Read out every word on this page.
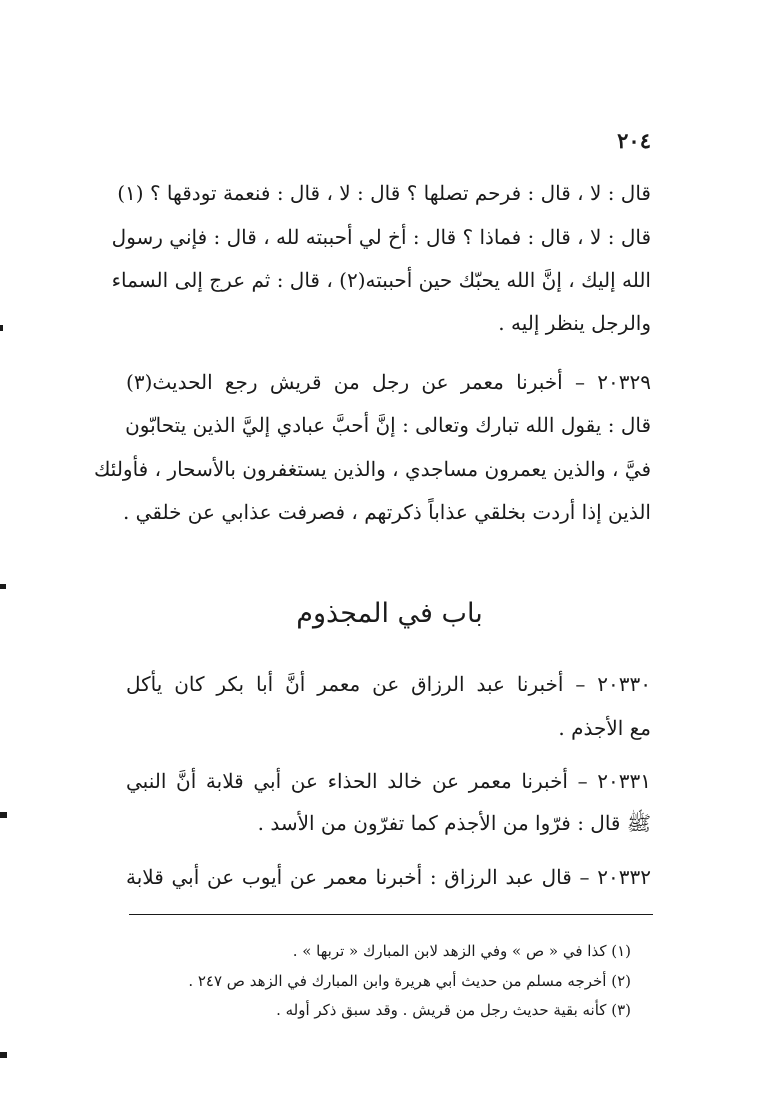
٢٠٤
قال : لا ، قال : فرحم تصلها ؟ قال : لا ، قال : فنعمة تودقها ؟ (١)
قال : لا ، قال : فماذا ؟ قال : أخ لي أحببته لله ، قال : فإني رسول
الله إليك ، إنَّ الله يحبّك حين أحببته(٢) ، قال : ثم عرج إلى السماء
والرجل ينظر إليه .
٢٠٣٢٩ – أخبرنا معمر عن رجل من قريش رجع الحديث(٣)
قال : يقول الله تبارك وتعالى : إنَّ أحبَّ عبادي إليَّ الذين يتحابّون
فيَّ ، والذين يعمرون مساجدي ، والذين يستغفرون بالأسحار ، فأولئك
الذين إذا أردت بخلقي عذاباً ذكرتهم ، فصرفت عذابي عن خلقي .
باب في المجذوم
٢٠٣٣٠ – أخبرنا عبد الرزاق عن معمر أنَّ أبا بكر كان يأكل
مع الأجذم .
٢٠٣٣١ – أخبرنا معمر عن خالد الحذاء عن أبي قلابة أنَّ النبي
ﷺ قال : فرّوا من الأجذم كما تفرّون من الأسد .
٢٠٣٣٢ – قال عبد الرزاق : أخبرنا معمر عن أيوب عن أبي قلابة
(١) كذا في « ص » وفي الزهد لابن المبارك « تربها » .
(٢) أخرجه مسلم من حديث أبي هريرة وابن المبارك في الزهد ص ٢٤٧ .
(٣) كأنه بقية حديث رجل من قريش . وقد سبق ذكر أوله .
